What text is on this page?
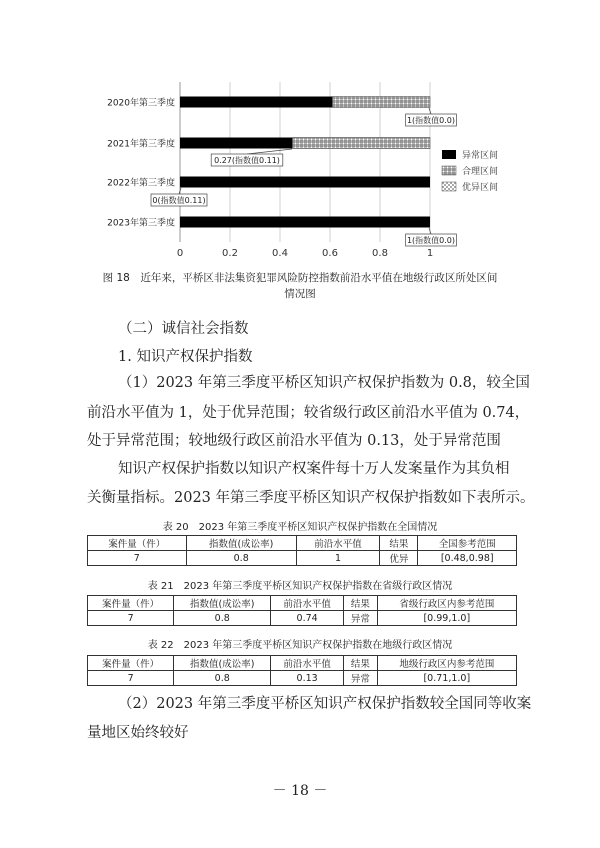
2020年第三季度
2021年第三季度
2022年第三季度
2023年第三季度
0	0.2	0.4	0.6	0.8	1
1(指数值0.0)
0.27(指数值0.11)
0(指数值0.11)
1(指数值0.0)
异常区间
合理区间
优异区间
图 18　近年来，平桥区非法集资犯罪风险防控指数前沿水平值在地级行政区所处区间
情况图
（二）诚信社会指数
1. 知识产权保护指数
（1）2023 年第三季度平桥区知识产权保护指数为 0.8，较全国
前沿水平值为 1，处于优异范围；较省级行政区前沿水平值为 0.74，
处于异常范围；较地级行政区前沿水平值为 0.13，处于异常范围
知识产权保护指数以知识产权案件每十万人发案量作为其负相
关衡量指标。2023 年第三季度平桥区知识产权保护指数如下表所示。
表 20　2023 年第三季度平桥区知识产权保护指数在全国情况
案件量（件）	指数值(成讼率)	前沿水平值	结果	全国参考范围
7	0.8	1	优异	[0.48,0.98]
表 21　2023 年第三季度平桥区知识产权保护指数在省级行政区情况
案件量（件）	指数值(成讼率)	前沿水平值	结果	省级行政区内参考范围
7	0.8	0.74	异常	[0.99,1.0]
表 22　2023 年第三季度平桥区知识产权保护指数在地级行政区情况
案件量（件）	指数值(成讼率)	前沿水平值	结果	地级行政区内参考范围
7	0.8	0.13	异常	[0.71,1.0]
（2）2023 年第三季度平桥区知识产权保护指数较全国同等收案
量地区始终较好
－ 18 －
